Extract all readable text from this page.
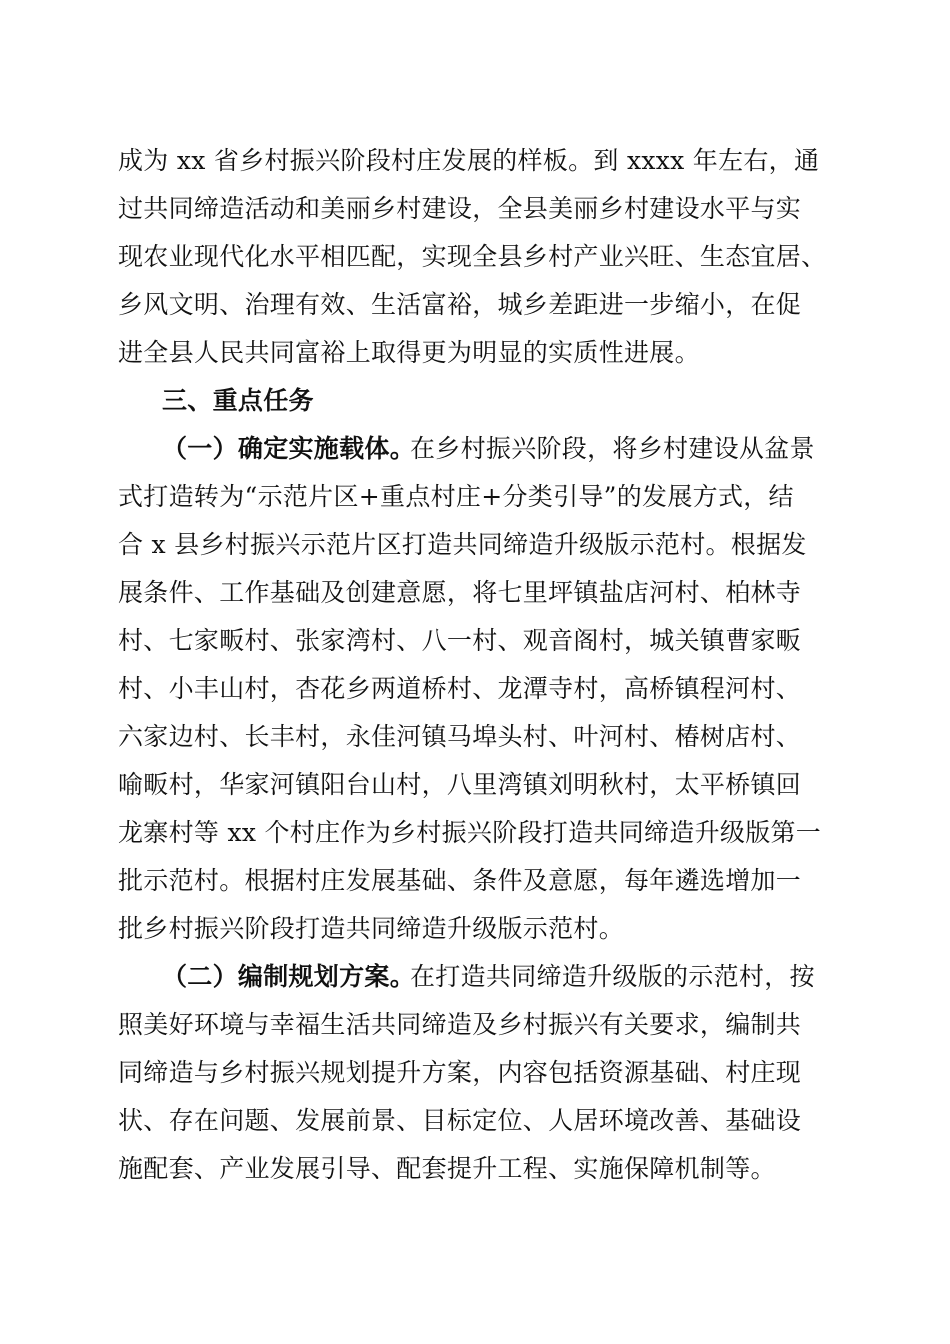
成为 xx 省乡村振兴阶段村庄发展的样板。到 xxxx 年左右，通
过共同缔造活动和美丽乡村建设，全县美丽乡村建设水平与实
现农业现代化水平相匹配，实现全县乡村产业兴旺、生态宜居、
乡风文明、治理有效、生活富裕，城乡差距进一步缩小，在促
进全县人民共同富裕上取得更为明显的实质性进展。
三、重点任务
（一）确定实施载体。
在乡村振兴阶段，将乡村建设从盆景
式打造转为“示范片区+重点村庄+分类引导”的发展方式，结
合 x 县乡村振兴示范片区打造共同缔造升级版示范村。根据发
展条件、工作基础及创建意愿，将七里坪镇盐店河村、柏林寺
村、七家畈村、张家湾村、八一村、观音阁村，城关镇曹家畈
村、小丰山村，杏花乡两道桥村、龙潭寺村，高桥镇程河村、
六家边村、长丰村，永佳河镇马埠头村、叶河村、椿树店村、
喻畈村，华家河镇阳台山村，八里湾镇刘明秋村，太平桥镇回
龙寨村等 xx 个村庄作为乡村振兴阶段打造共同缔造升级版第一
批示范村。根据村庄发展基础、条件及意愿，每年遴选增加一
批乡村振兴阶段打造共同缔造升级版示范村。
（二）编制规划方案。
在打造共同缔造升级版的示范村，按
照美好环境与幸福生活共同缔造及乡村振兴有关要求，编制共
同缔造与乡村振兴规划提升方案，内容包括资源基础、村庄现
状、存在问题、发展前景、目标定位、人居环境改善、基础设
施配套、产业发展引导、配套提升工程、实施保障机制等。
